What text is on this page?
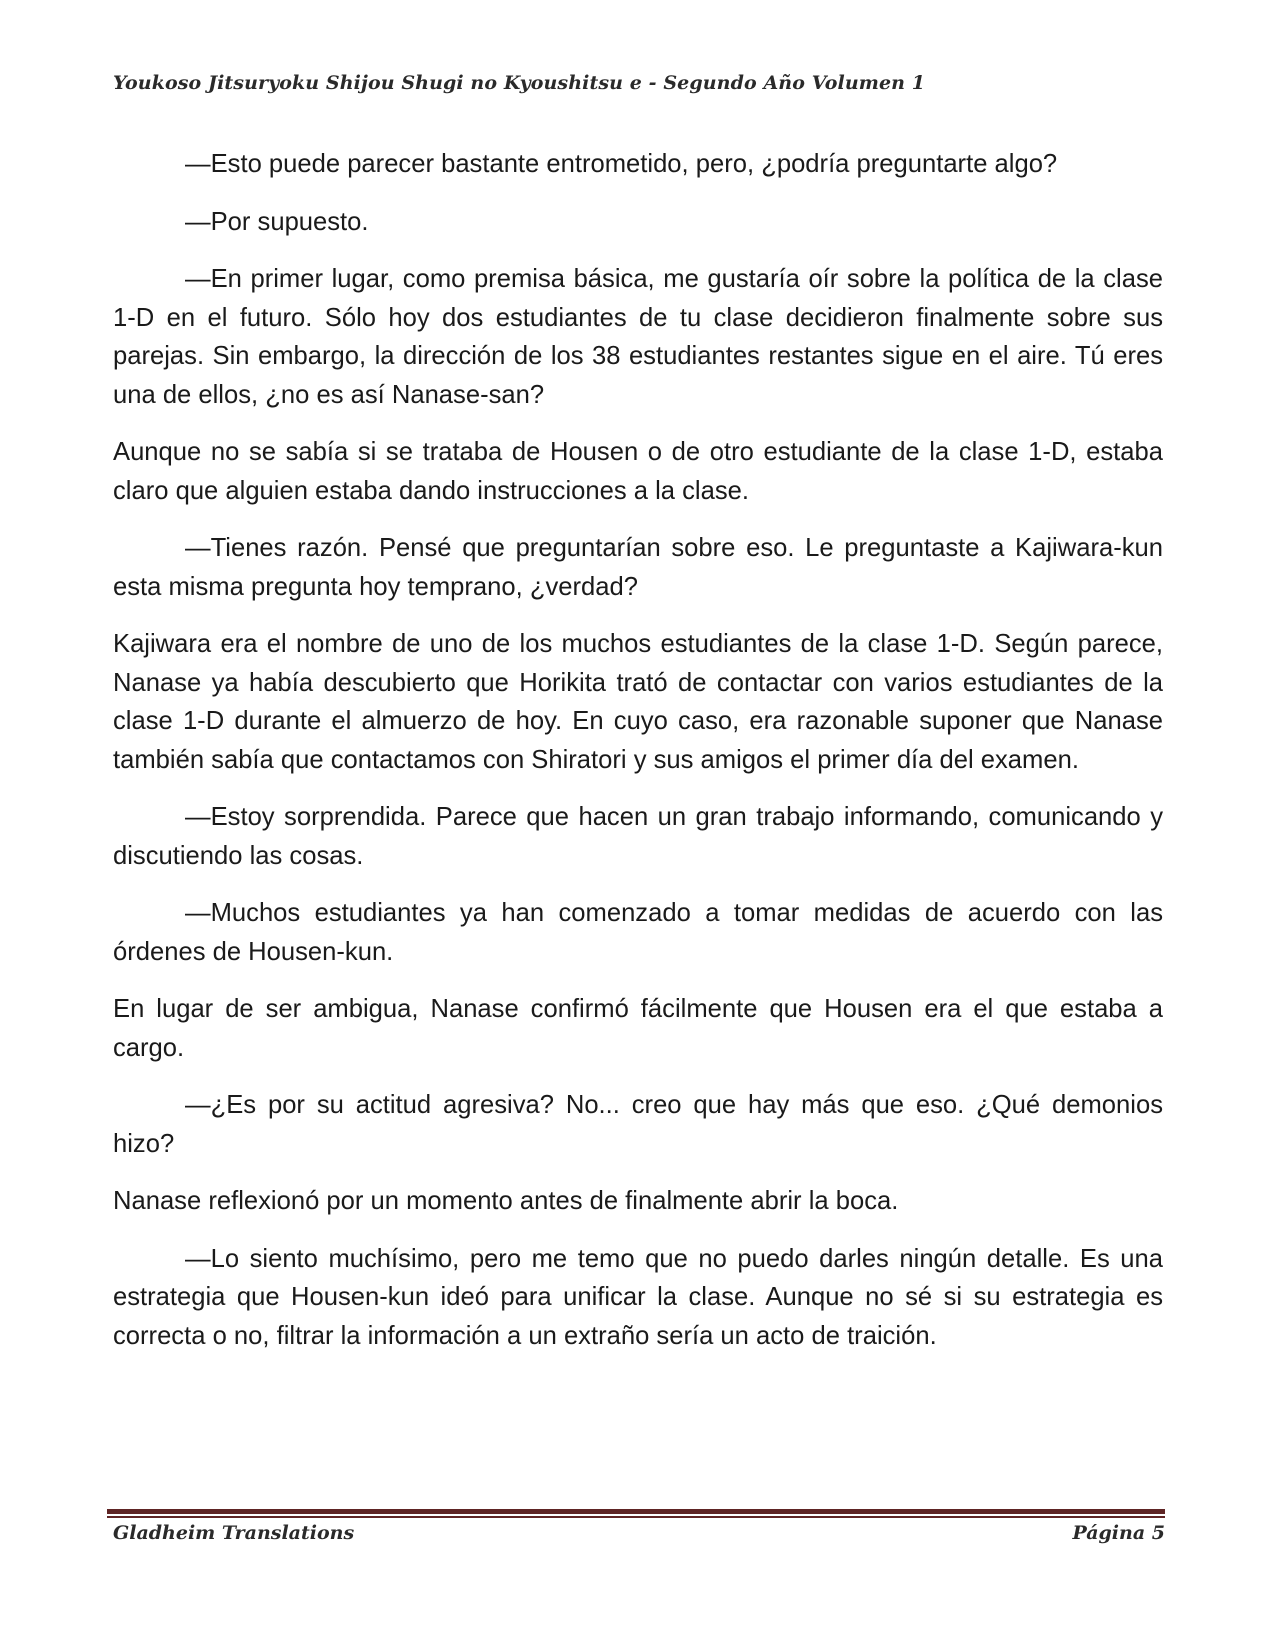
Youkoso Jitsuryoku Shijou Shugi no Kyoushitsu e - Segundo Año Volumen 1

—Esto puede parecer bastante entrometido, pero, ¿podría preguntarte algo?

—Por supuesto.

—En primer lugar, como premisa básica, me gustaría oír sobre la política de la clase 1-D en el futuro. Sólo hoy dos estudiantes de tu clase decidieron finalmente sobre sus parejas. Sin embargo, la dirección de los 38 estudiantes restantes sigue en el aire. Tú eres una de ellos, ¿no es así Nanase-san?

Aunque no se sabía si se trataba de Housen o de otro estudiante de la clase 1-D, estaba claro que alguien estaba dando instrucciones a la clase.

—Tienes razón. Pensé que preguntarían sobre eso. Le preguntaste a Kajiwara-kun esta misma pregunta hoy temprano, ¿verdad?

Kajiwara era el nombre de uno de los muchos estudiantes de la clase 1-D. Según parece, Nanase ya había descubierto que Horikita trató de contactar con varios estudiantes de la clase 1-D durante el almuerzo de hoy. En cuyo caso, era razonable suponer que Nanase también sabía que contactamos con Shiratori y sus amigos el primer día del examen.

—Estoy sorprendida. Parece que hacen un gran trabajo informando, comunicando y discutiendo las cosas.

—Muchos estudiantes ya han comenzado a tomar medidas de acuerdo con las órdenes de Housen-kun.

En lugar de ser ambigua, Nanase confirmó fácilmente que Housen era el que estaba a cargo.

—¿Es por su actitud agresiva? No... creo que hay más que eso. ¿Qué demonios hizo?

Nanase reflexionó por un momento antes de finalmente abrir la boca.

—Lo siento muchísimo, pero me temo que no puedo darles ningún detalle. Es una estrategia que Housen-kun ideó para unificar la clase. Aunque no sé si su estrategia es correcta o no, filtrar la información a un extraño sería un acto de traición.

Gladheim Translations	Página 5
